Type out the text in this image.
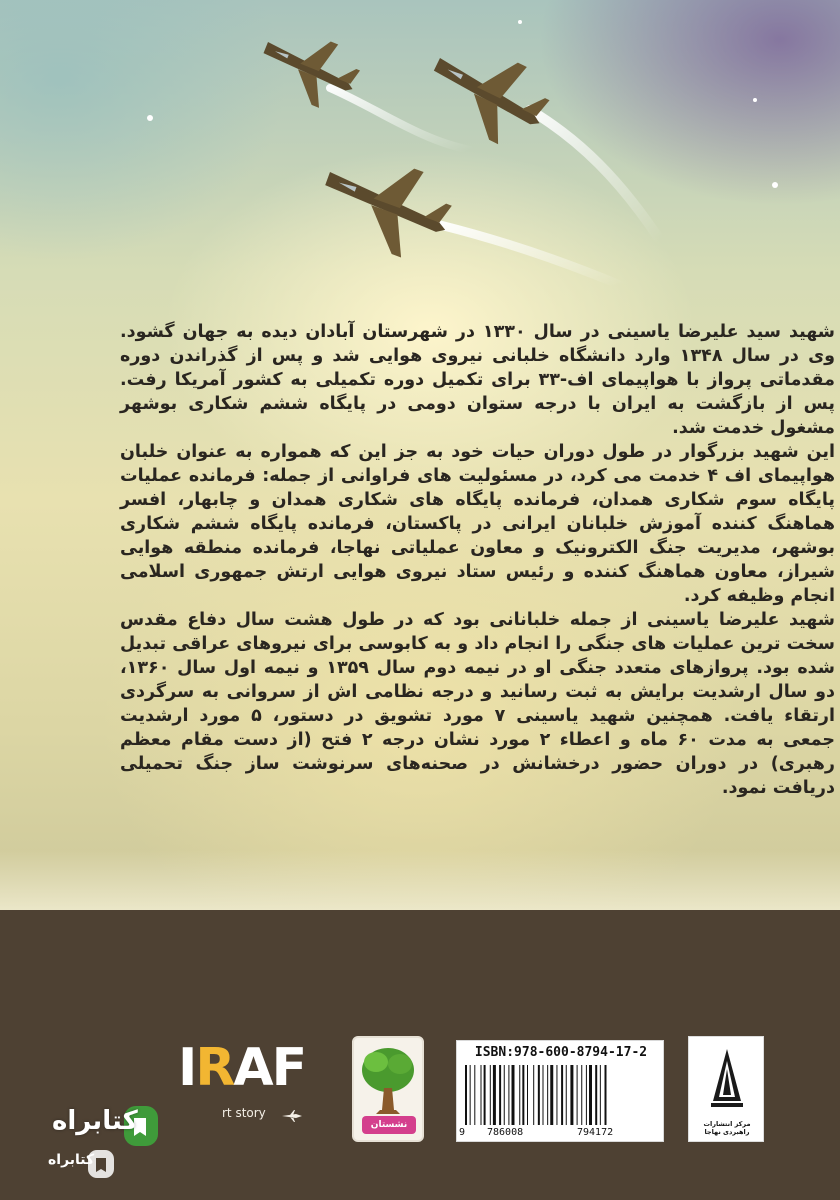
شهید سید علیرضا یاسینی در سال ۱۳۳۰ در شهرستان آبادان دیده به جهان گشود. وی در سال ۱۳۴۸ وارد دانشگاه خلبانی نیروی هوایی شد و پس از گذراندن دوره مقدماتی پرواز با هواپیمای اف-۳۳ برای تکمیل دوره تکمیلی به کشور آمریکا رفت. پس از بازگشت به ایران با درجه ستوان دومی در پایگاه ششم شکاری بوشهر مشغول خدمت شد.

این شهید بزرگوار در طول دوران حیات خود به جز این که همواره به عنوان خلبان هواپیمای اف ۴ خدمت می کرد، در مسئولیت های فراوانی از جمله: فرمانده عملیات پایگاه سوم شکاری همدان، فرمانده پایگاه های شکاری همدان و چابهار، افسر هماهنگ کننده آموزش خلبانان ایرانی در پاکستان، فرمانده پایگاه ششم شکاری بوشهر، مدیریت جنگ الکترونیک و معاون عملیاتی نهاجا، فرمانده منطقه هوایی شیراز، معاون هماهنگ کننده و رئیس ستاد نیروی هوایی ارتش جمهوری اسلامی انجام وظیفه کرد.

شهید علیرضا یاسینی از جمله خلبانانی بود که در طول هشت سال دفاع مقدس سخت ترین عملیات های جنگی را انجام داد و به کابوسی برای نیروهای عراقی تبدیل شده بود. پروازهای متعدد جنگی او در نیمه دوم سال ۱۳۵۹ و نیمه اول سال ۱۳۶۰، دو سال ارشدیت برایش به ثبت رسانید و درجه نظامی اش از سروانی به سرگردی ارتقاء یافت. همچنین شهید یاسینی ۷ مورد تشویق در دستور، ۵ مورد ارشدیت جمعی به مدت ۶۰ ماه و اعطاء ۲ مورد نشان درجه ۲ فتح (از دست مقام معظم رهبری) در دوران حضور درخشانش در صحنه‌های سرنوشت ساز جنگ تحمیلی دریافت نمود.

IRAF
rt story
نشستان
ISBN:978-600-8794-17-2
9 786008	794172
مرکز انتشارات راهبردی نهاجا
کتابراه
کتابراه
